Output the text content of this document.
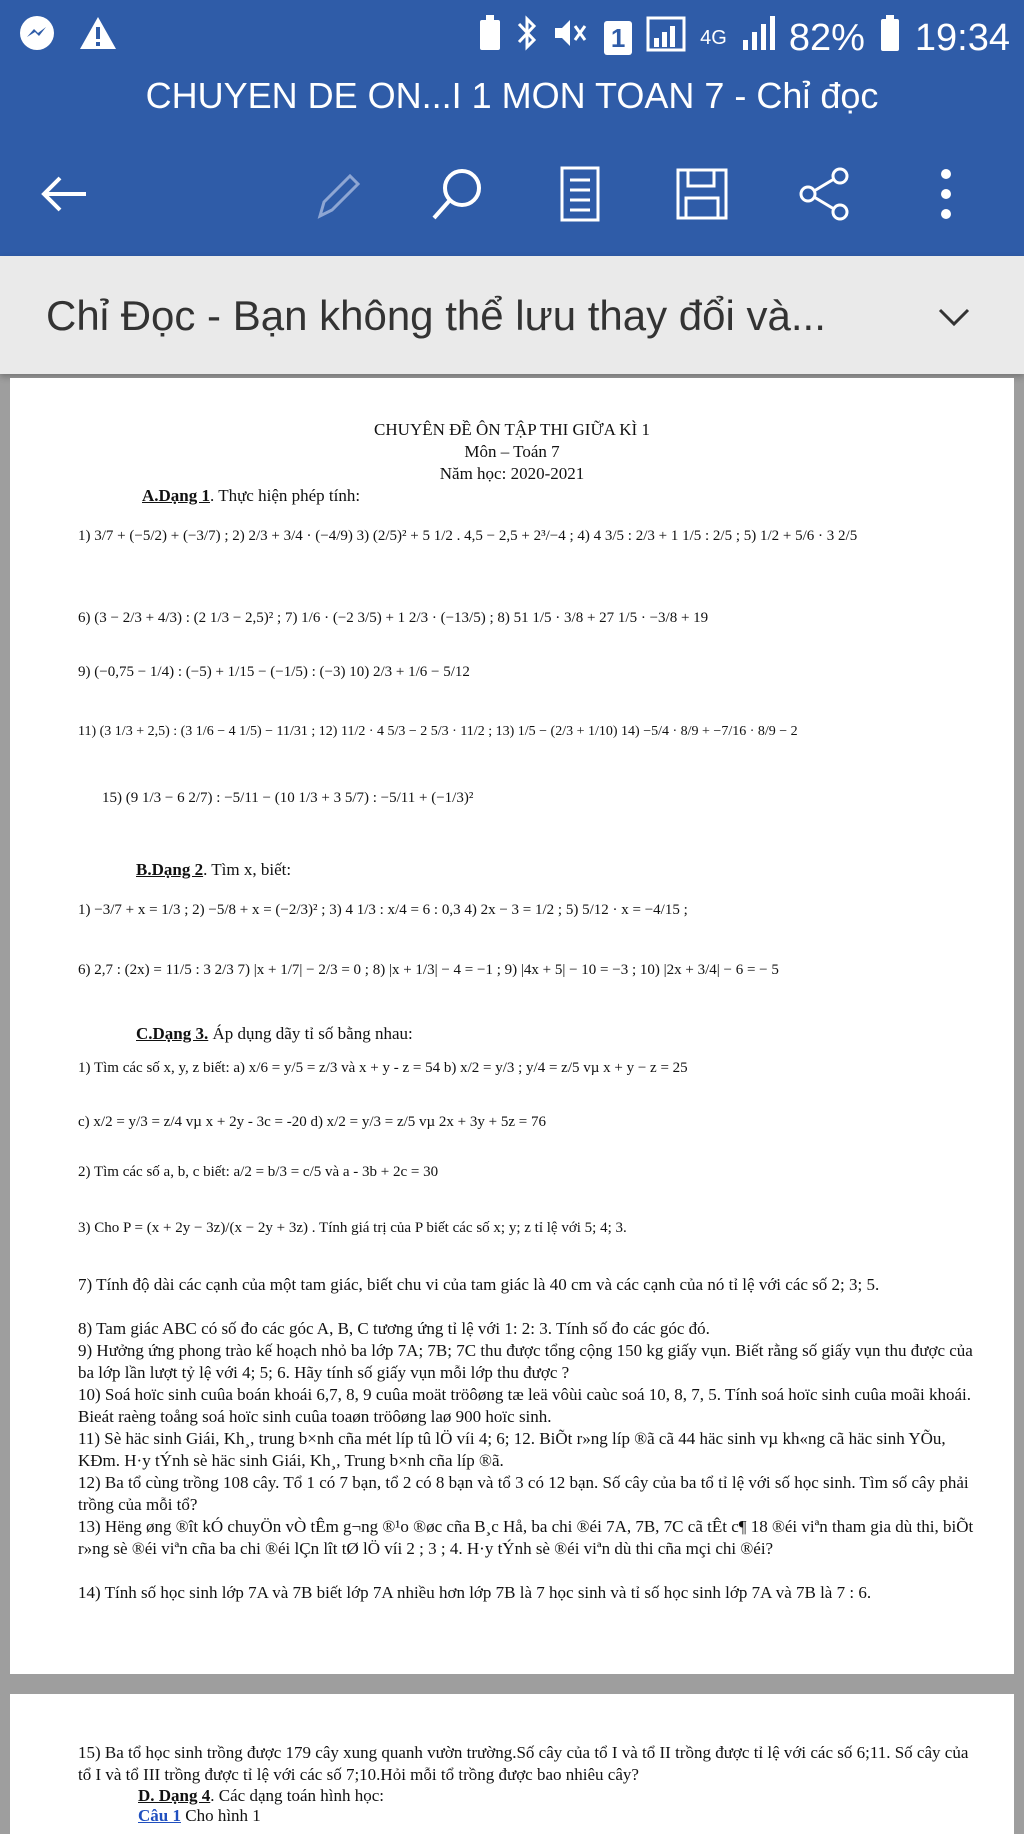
1	4G 82% 19:34
CHUYEN DE ON...I 1 MON TOAN 7 - Chỉ đọc
Chỉ Đọc - Bạn không thể lưu thay đổi và...
CHUYÊN ĐỀ ÔN TẬP THI GIỮA KÌ 1
Môn – Toán 7
Năm học: 2020-2021
A.Dạng 1. Thực hiện phép tính:
1) 3/7 + (−5/2) + (−3/7) ; 2) 2/3 + 3/4 · (−4/9) 3) (2/5)² + 5 1/2 . 4,5 − 2,5 + 2³/−4 ; 4) 4 3/5 : 2/3 + 1 1/5 : 2/5 ; 5) 1/2 + 5/6 · 3 2/5
6) (3 − 2/3 + 4/3) : (2 1/3 − 2,5)² ; 7) 1/6 · (−2 3/5) + 1 2/3 · (−13/5) ; 8) 51 1/5 · 3/8 + 27 1/5 · −3/8 + 19
9) (−0,75 − 1/4) : (−5) + 1/15 − (−1/5) : (−3) 10) 2/3 + 1/6 − 5/12
11) (3 1/3 + 2,5) : (3 1/6 − 4 1/5) − 11/31 ; 12) 11/2 · 4 5/3 − 2 5/3 · 11/2 ; 13) 1/5 − (2/3 + 1/10) 14) −5/4 · 8/9 + −7/16 · 8/9 − 2
15) (9 1/3 − 6 2/7) : −5/11 − (10 1/3 + 3 5/7) : −5/11 + (−1/3)²
B.Dạng 2. Tìm x, biết:
1) −3/7 + x = 1/3 ; 2) −5/8 + x = (−2/3)² ; 3) 4 1/3 : x/4 = 6 : 0,3 4) 2x − 3 = 1/2 ; 5) 5/12 · x = −4/15 ;
6) 2,7 : (2x) = 11/5 : 3 2/3 7) |x + 1/7| − 2/3 = 0 ; 8) |x + 1/3| − 4 = −1 ; 9) |4x + 5| − 10 = −3 ; 10) |2x + 3/4| − 6 = − 5
C.Dạng 3. Áp dụng dãy tỉ số bằng nhau:
1) Tìm các số x, y, z biết: a) x/6 = y/5 = z/3 và x + y - z = 54 b) x/2 = y/3 ; y/4 = z/5 vµ x + y − z = 25
c) x/2 = y/3 = z/4 vµ x + 2y - 3c = -20 d) x/2 = y/3 = z/5 vµ 2x + 3y + 5z = 76
2) Tìm các số a, b, c biết: a/2 = b/3 = c/5 và a - 3b + 2c = 30
3) Cho P = (x + 2y − 3z)/(x − 2y + 3z) . Tính giá trị của P biết các số x; y; z tỉ lệ với 5; 4; 3.
7) Tính độ dài các cạnh của một tam giác, biết chu vi của tam giác là 40 cm và các cạnh của nó tỉ lệ với các số 2; 3; 5.
8) Tam giác ABC có số đo các góc A, B, C tương ứng tỉ lệ với 1: 2: 3. Tính số đo các góc đó.
9) Hưởng ứng phong trào kế hoạch nhỏ ba lớp 7A; 7B; 7C thu được tổng cộng 150 kg giấy vụn. Biết rằng số giấy vụn thu được của ba lớp lần lượt tỷ lệ với 4; 5; 6. Hãy tính số giấy vụn mỗi lớp thu được ?
10) Soá hoïc sinh cuûa boán khoái 6,7, 8, 9 cuûa moät tröôøng tæ leä vôùi caùc soá 10, 8, 7, 5. Tính soá hoïc sinh cuûa moãi khoái. Bieát raèng toång soá hoïc sinh cuûa toaøn tröôøng laø 900 hoïc sinh.
11) Sè häc sinh Giái, Kh¸, trung b×nh cña mét líp tû lÖ víi 4; 6; 12. BiÕt r»ng líp ®ã cã 44 häc sinh vµ kh«ng cã häc sinh YÕu, KÐm. H·y tÝnh sè häc sinh Giái, Kh¸, Trung b×nh cña líp ®ã.
12) Ba tổ cùng trồng 108 cây. Tổ 1 có 7 bạn, tổ 2 có 8 bạn và tổ 3 có 12 bạn. Số cây của ba tổ tỉ lệ với số học sinh. Tìm số cây phải trồng của mỗi tổ?
13) Hëng øng ®ît kÓ chuyÖn vÒ tÊm g¬ng ®¹o ®øc cña B¸c Hå, ba chi ®éi 7A, 7B, 7C cã tÊt c¶ 18 ®éi viªn tham gia dù thi, biÕt r»ng sè ®éi viªn cña ba chi ®éi lÇn lît tØ lÖ víi 2 ; 3 ; 4. H·y tÝnh sè ®éi viªn dù thi cña mçi chi ®éi?
14) Tính số học sinh lớp 7A và 7B biết lớp 7A nhiều hơn lớp 7B là 7 học sinh và tỉ số học sinh lớp 7A và 7B là 7 : 6.
15) Ba tổ học sinh trồng được 179 cây xung quanh vườn trường.Số cây của tổ I và tổ II trồng được tỉ lệ với các số 6;11. Số cây của tổ I và tổ III trồng được tỉ lệ với các số 7;10.Hỏi mỗi tổ trồng được bao nhiêu cây?
D. Dạng 4. Các dạng toán hình học:
Câu 1 Cho hình 1
